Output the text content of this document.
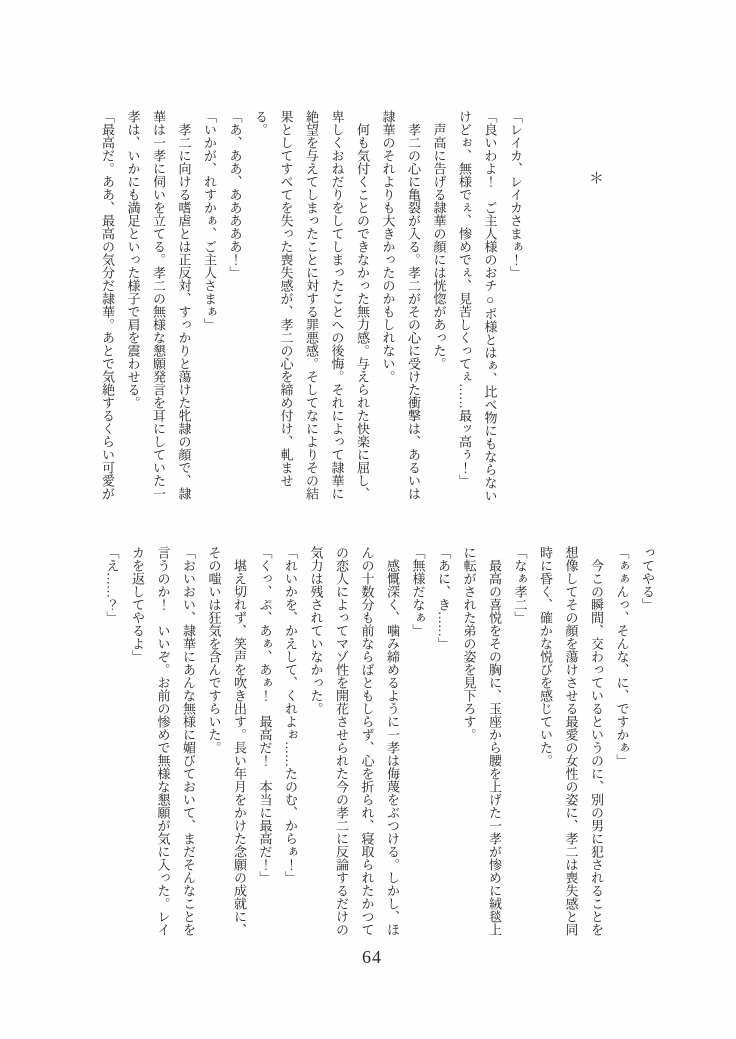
＊

「レイカ、レイカさまぁ！」

「良いわよ！　ご主人様のおチ○ポ様とはぁ、比べ物にもならない

けどぉ、無様でぇ、惨めでぇ、見苦しくってぇ……最ッ高ぅ！」

　声高に告げる隷華の顔には恍惚があった。

　孝二の心に亀裂が入る。孝二がその心に受けた衝撃は、あるいは

隷華のそれよりも大きかったのかもしれない。

　何も気付くことのできなかった無力感。与えられた快楽に屈し、

卑しくおねだりをしてしまったことへの後悔。それによって隷華に

絶望を与えてしまったことに対する罪悪感。そしてなによりその結

果としてすべてを失った喪失感が、孝二の心を締め付け、軋ませ

る。

「あ、ああ、あああああ！」

「いかが、れすかぁ、ご主人さまぁ」

　孝二に向ける嗜虐とは正反対、すっかりと蕩けた牝隷の顔で、隷

華は一孝に伺いを立てる。孝二の無様な懇願発言を耳にしていた一

孝は、いかにも満足といった様子で肩を震わせる。

「最高だ。ああ、最高の気分だ隷華。あとで気絶するくらい可愛が

ってやる」

「ぁぁんっ、そんな、に、ですかぁ」

　今この瞬間、交わっているというのに、別の男に犯されることを

想像してその顔を蕩けさせる最愛の女性の姿に、孝二は喪失感と同

時に昏く、確かな悦びを感じていた。

「なぁ孝二」

　最高の喜悦をその胸に、玉座から腰を上げた一孝が惨めに絨毯上

に転がされた弟の姿を見下ろす。

「あに、き……」

「無様だなぁ」

　感慨深く、噛み締めるように一孝は侮蔑をぶつける。しかし、ほ

んの十数分も前ならばともしらず、心を折られ、寝取られたかつて

の恋人によってマゾ性を開花させられた今の孝二に反論するだけの

気力は残されていなかった。

「れいかを、かえして、くれよぉ……たのむ、からぁ！」

「くっ、ぷ、あぁ、あぁ！　最高だ！　本当に最高だ！」

　堪え切れず、笑声を吹き出す。長い年月をかけた念願の成就に、

その嗤いは狂気を含んですらいた。

「おいおい、隷華にあんな無様に媚びておいて、まだそんなことを

言うのか！　いいぞ。お前の惨めで無様な懇願が気に入った。レイ

カを返してやるよ」

「え……？」

64
